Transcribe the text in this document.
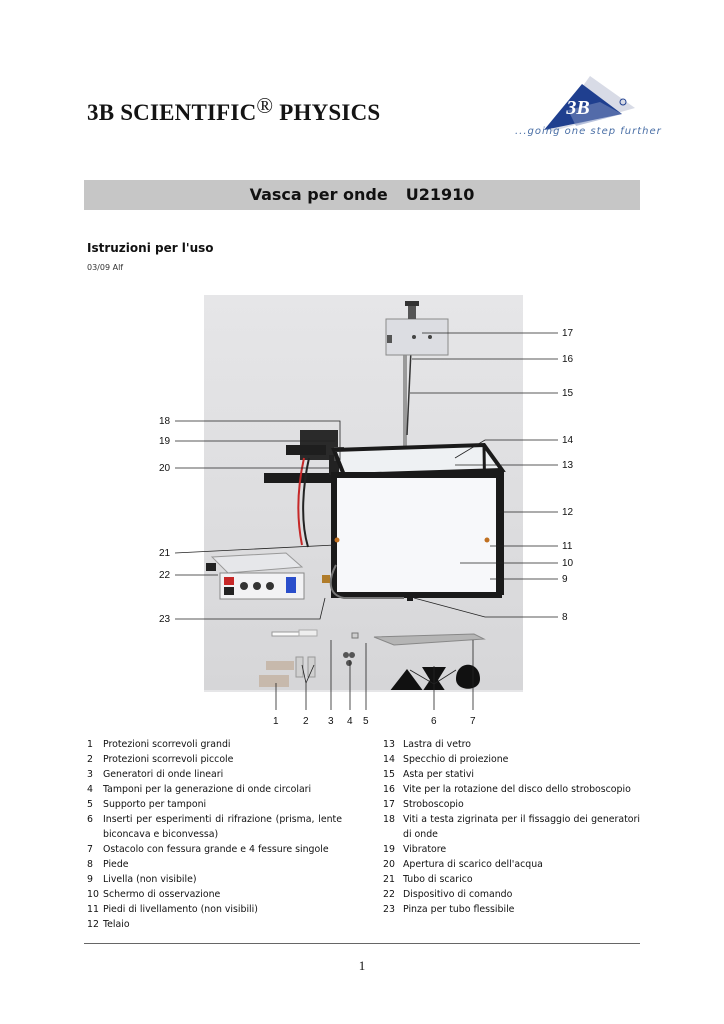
3B SCIENTIFIC® PHYSICS	3B
...going one step further
Vasca per onde U21910
Istruzioni per l'uso
03/09 Alf
18
19
20
21
22
23
17
16
15
14
13
12
11
10
9
8
1 2 3 4 5	6	7
1	Protezioni scorrevoli grandi
2	Protezioni scorrevoli piccole
3	Generatori di onde lineari
4	Tamponi per la generazione di onde circolari
5	Supporto per tamponi
6	Inserti per esperimenti di rifrazione (prisma, lente biconcava e biconvessa)
7	Ostacolo con fessura grande e 4 fessure singole
8	Piede
9	Livella (non visibile)
10 Schermo di osservazione
11 Piedi di livellamento (non visibili)
12 Telaio
13 Lastra di vetro
14 Specchio di proiezione
15 Asta per stativi
16 Vite per la rotazione del disco dello stroboscopio
17 Stroboscopio
18 Viti a testa zigrinata per il fissaggio dei generatori di onde
19 Vibratore
20 Apertura di scarico dell'acqua
21 Tubo di scarico
22 Dispositivo di comando
23 Pinza per tubo flessibile
1
